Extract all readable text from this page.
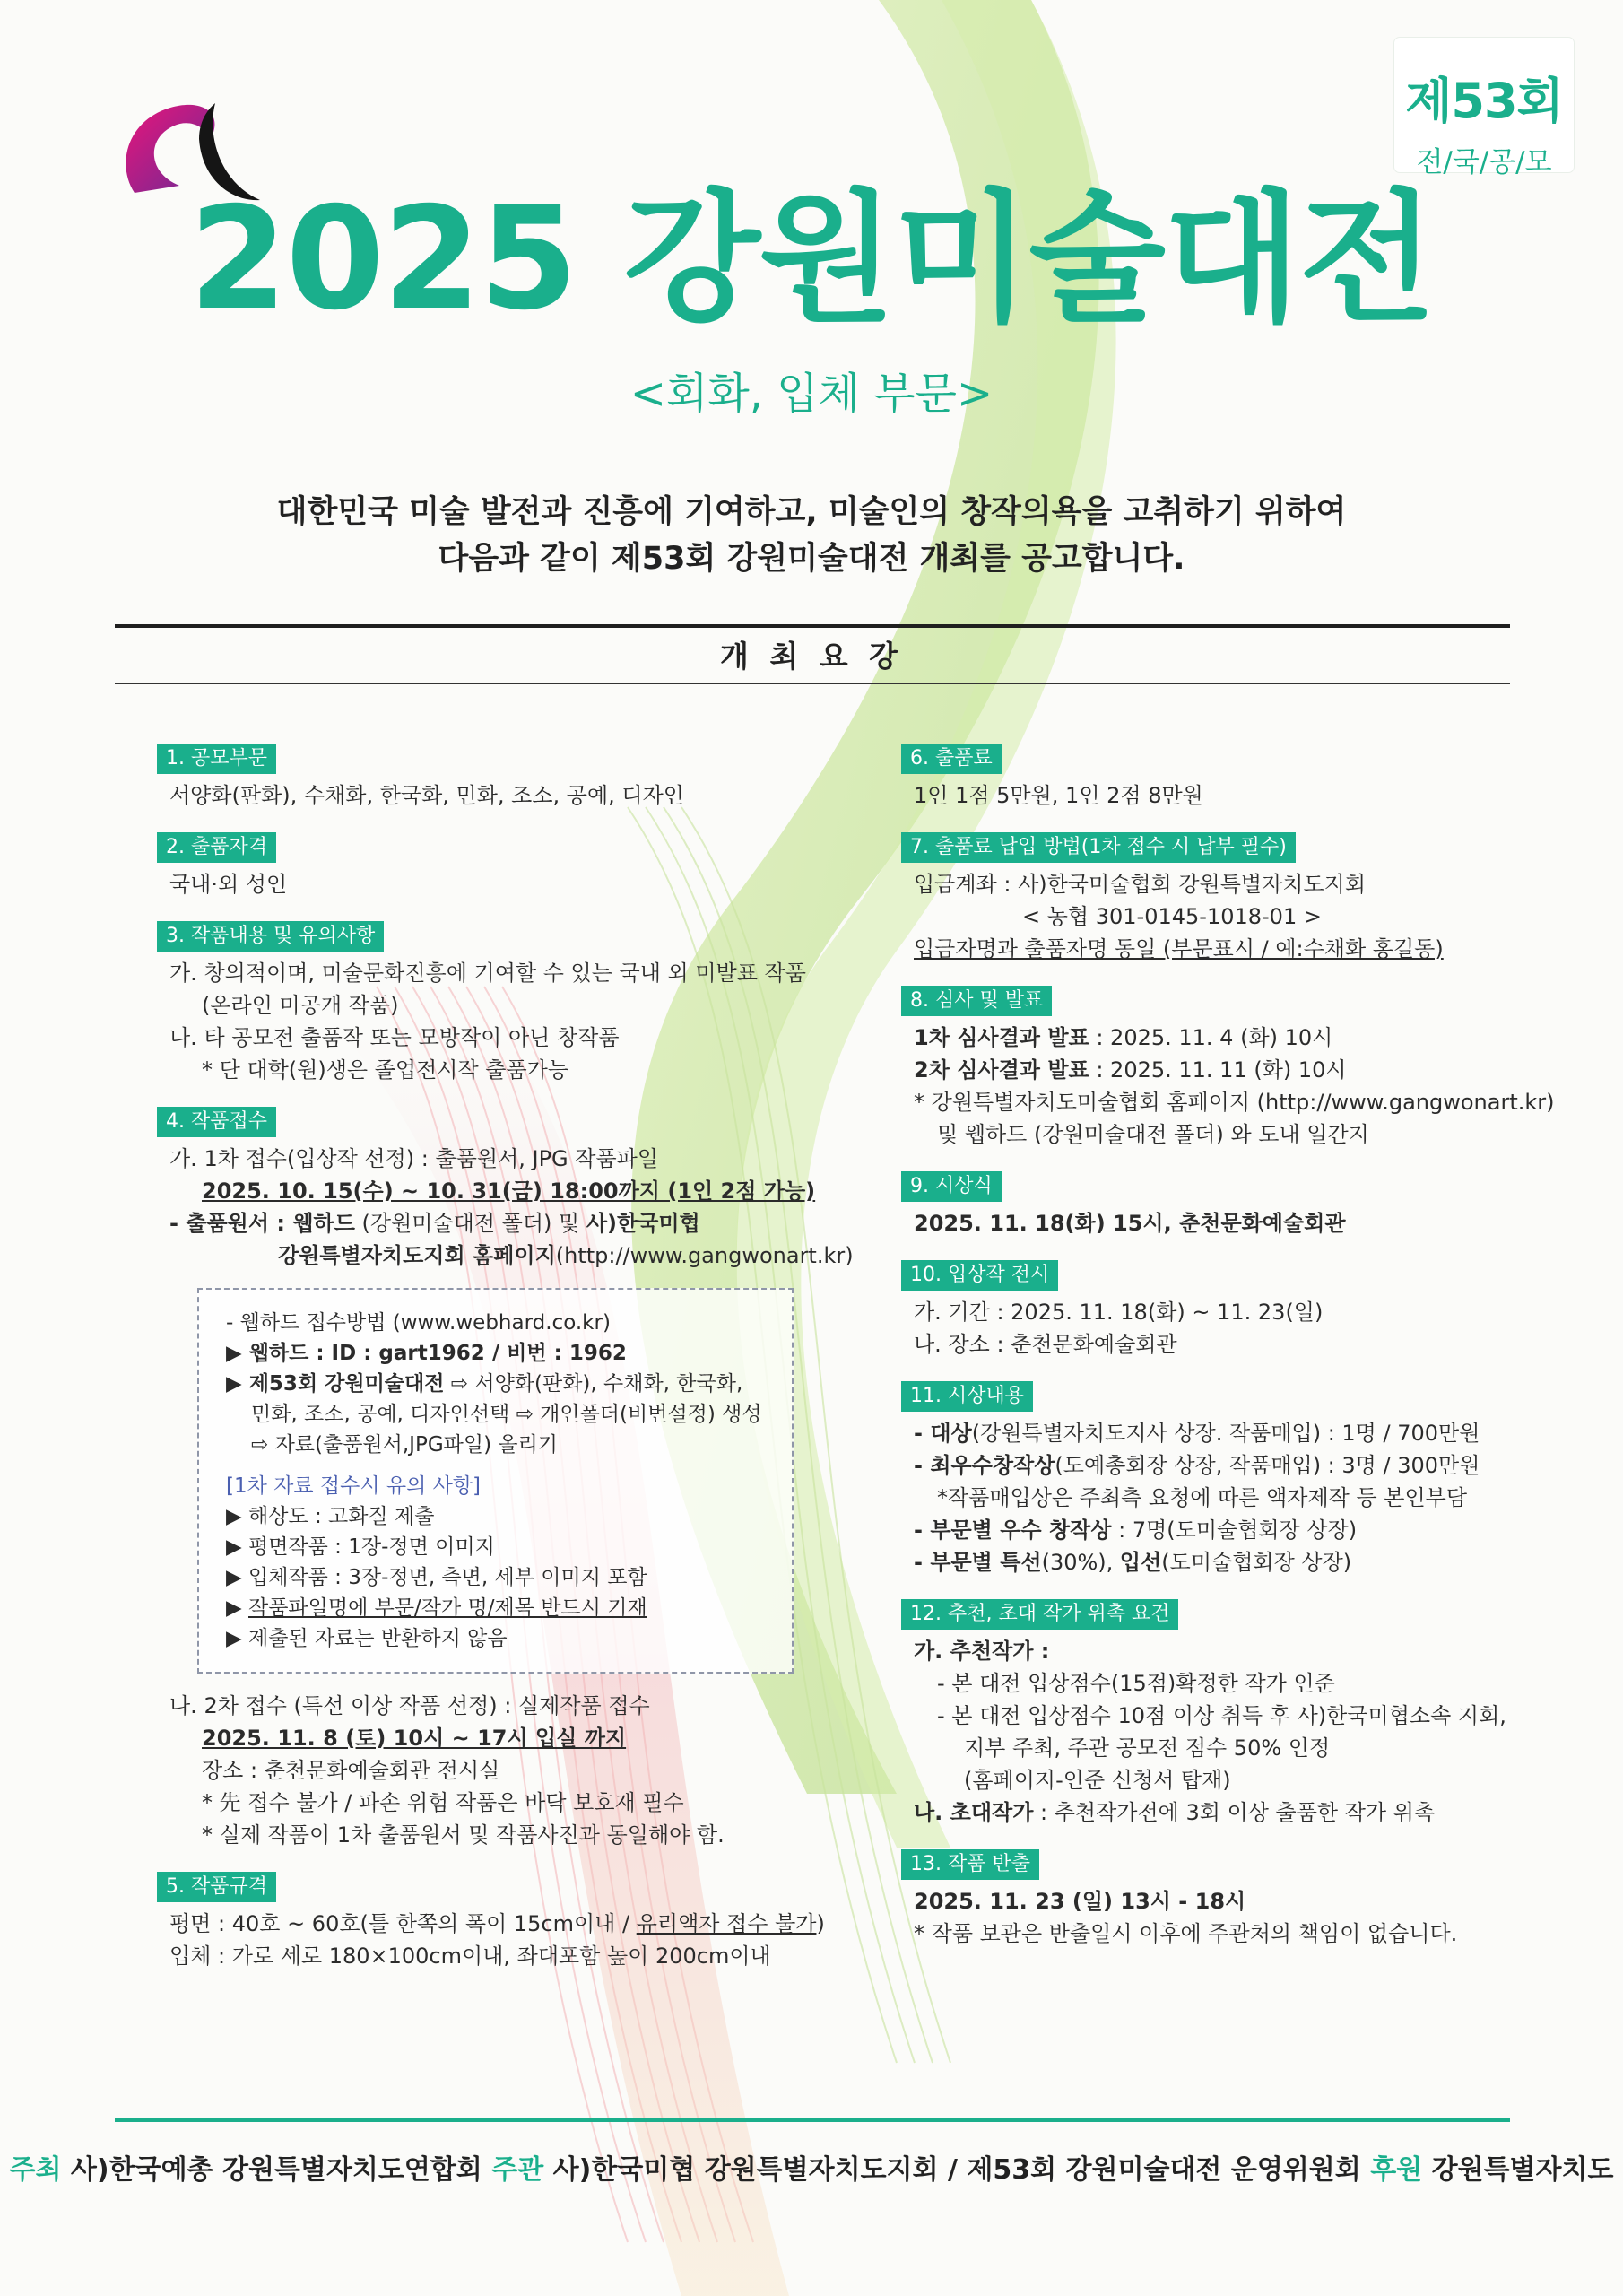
제53회
전/국/공/모
2025 강원미술대전
<회화, 입체 부문>
대한민국 미술 발전과 진흥에 기여하고, 미술인의 창작의욕을 고취하기 위하여
다음과 같이 제53회 강원미술대전 개최를 공고합니다.
개 최 요 강
1. 공모부문
서양화(판화), 수채화, 한국화, 민화, 조소, 공예, 디자인
2. 출품자격
국내·외 성인
3. 작품내용 및 유의사항
가. 창의적이며, 미술문화진흥에 기여할 수 있는 국내 외 미발표 작품
(온라인 미공개 작품)
나. 타 공모전 출품작 또는 모방작이 아닌 창작품
* 단 대학(원)생은 졸업전시작 출품가능
4. 작품접수
가. 1차 접수(입상작 선정) : 출품원서, JPG 작품파일
2025. 10. 15(수) ~ 10. 31(금) 18:00까지 (1인 2점 가능)
- 출품원서 : 웹하드 (강원미술대전 폴더) 및 사)한국미협
강원특별자치도지회 홈페이지(http://www.gangwonart.kr)
- 웹하드 접수방법 (www.webhard.co.kr)
▶ 웹하드 : ID : gart1962 / 비번 : 1962
▶ 제53회 강원미술대전 ⇨ 서양화(판화), 수채화, 한국화,
민화, 조소, 공예, 디자인선택 ⇨ 개인폴더(비번설정) 생성
⇨ 자료(출품원서,JPG파일) 올리기
[1차 자료 접수시 유의 사항]
▶ 해상도 : 고화질 제출
▶ 평면작품 : 1장-정면 이미지
▶ 입체작품 : 3장-정면, 측면, 세부 이미지 포함
▶ 작품파일명에 부문/작가 명/제목 반드시 기재
▶ 제출된 자료는 반환하지 않음
나. 2차 접수 (특선 이상 작품 선정) : 실제작품 접수
2025. 11. 8 (토) 10시 ~ 17시 입실 까지
장소 : 춘천문화예술회관 전시실
* 先 접수 불가 / 파손 위험 작품은 바닥 보호재 필수
* 실제 작품이 1차 출품원서 및 작품사진과 동일해야 함.
5. 작품규격
평면 : 40호 ~ 60호(틀 한쪽의 폭이 15cm이내 / 유리액자 접수 불가)
입체 : 가로 세로 180×100cm이내, 좌대포함 높이 200cm이내
6. 출품료
1인 1점 5만원, 1인 2점 8만원
7. 출품료 납입 방법(1차 접수 시 납부 필수)
입금계좌 : 사)한국미술협회 강원특별자치도지회
< 농협 301-0145-1018-01 >
입금자명과 출품자명 동일 (부문표시 / 예:수채화 홍길동)
8. 심사 및 발표
1차 심사결과 발표 : 2025. 11. 4 (화) 10시
2차 심사결과 발표 : 2025. 11. 11 (화) 10시
* 강원특별자치도미술협회 홈페이지 (http://www.gangwonart.kr)
및 웹하드 (강원미술대전 폴더) 와 도내 일간지
9. 시상식
2025. 11. 18(화) 15시, 춘천문화예술회관
10. 입상작 전시
가. 기간 : 2025. 11. 18(화) ~ 11. 23(일)
나. 장소 : 춘천문화예술회관
11. 시상내용
- 대상(강원특별자치도지사 상장. 작품매입) : 1명 / 700만원
- 최우수창작상(도예총회장 상장, 작품매입) : 3명 / 300만원
*작품매입상은 주최측 요청에 따른 액자제작 등 본인부담
- 부문별 우수 창작상 : 7명(도미술협회장 상장)
- 부문별 특선(30%), 입선(도미술협회장 상장)
12. 추천, 초대 작가 위촉 요건
가. 추천작가 :
- 본 대전 입상점수(15점)확정한 작가 인준
- 본 대전 입상점수 10점 이상 취득 후 사)한국미협소속 지회,
지부 주최, 주관 공모전 점수 50% 인정
(홈페이지-인준 신청서 탑재)
나. 초대작가 : 추천작가전에 3회 이상 출품한 작가 위촉
13. 작품 반출
2025. 11. 23 (일) 13시 - 18시
* 작품 보관은 반출일시 이후에 주관처의 책임이 없습니다.
주최 사)한국예총 강원특별자치도연합회 주관 사)한국미협 강원특별자치도지회 / 제53회 강원미술대전 운영위원회 후원 강원특별자치도
